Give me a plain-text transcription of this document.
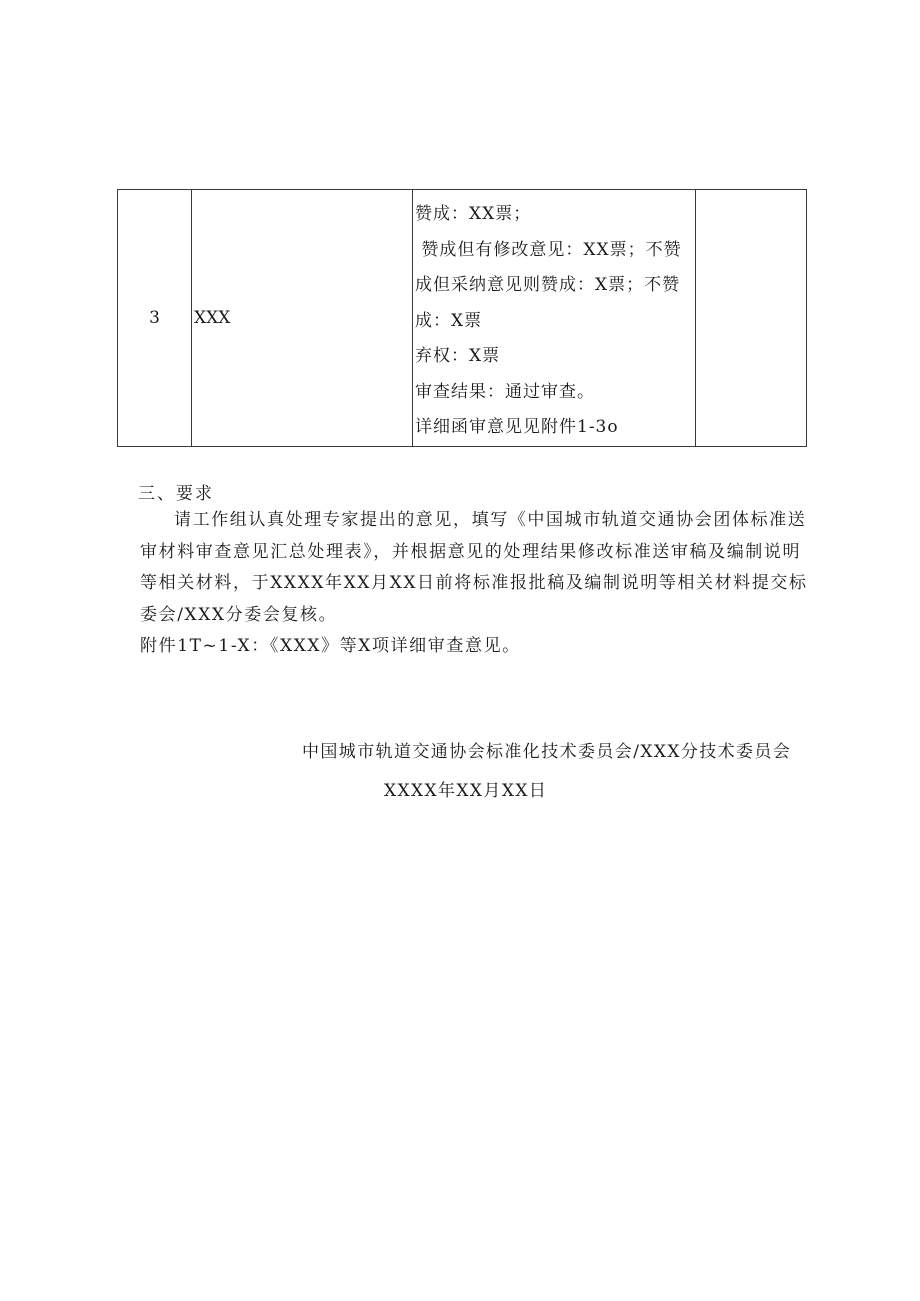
3	XXX	
赞成：XX票；
赞成但有修改意见：XX票；不赞
成但采纳意见则赞成：X票；不赞
成：X票
弃权：X票
审查结果：通过审查。
详细函审意见见附件1-3o

三、要求
请工作组认真处理专家提出的意见，填写《中国城市轨道交通协会团体标准送
审材料审查意见汇总处理表》，并根据意见的处理结果修改标准送审稿及编制说明
等相关材料，于XXXX年XX月XX日前将标准报批稿及编制说明等相关材料提交标
委会/XXX分委会复核。
附件1T~1-X：《XXX》等X项详细审查意见。
中国城市轨道交通协会标准化技术委员会/XXX分技术委员会
XXXX年XX月XX日
